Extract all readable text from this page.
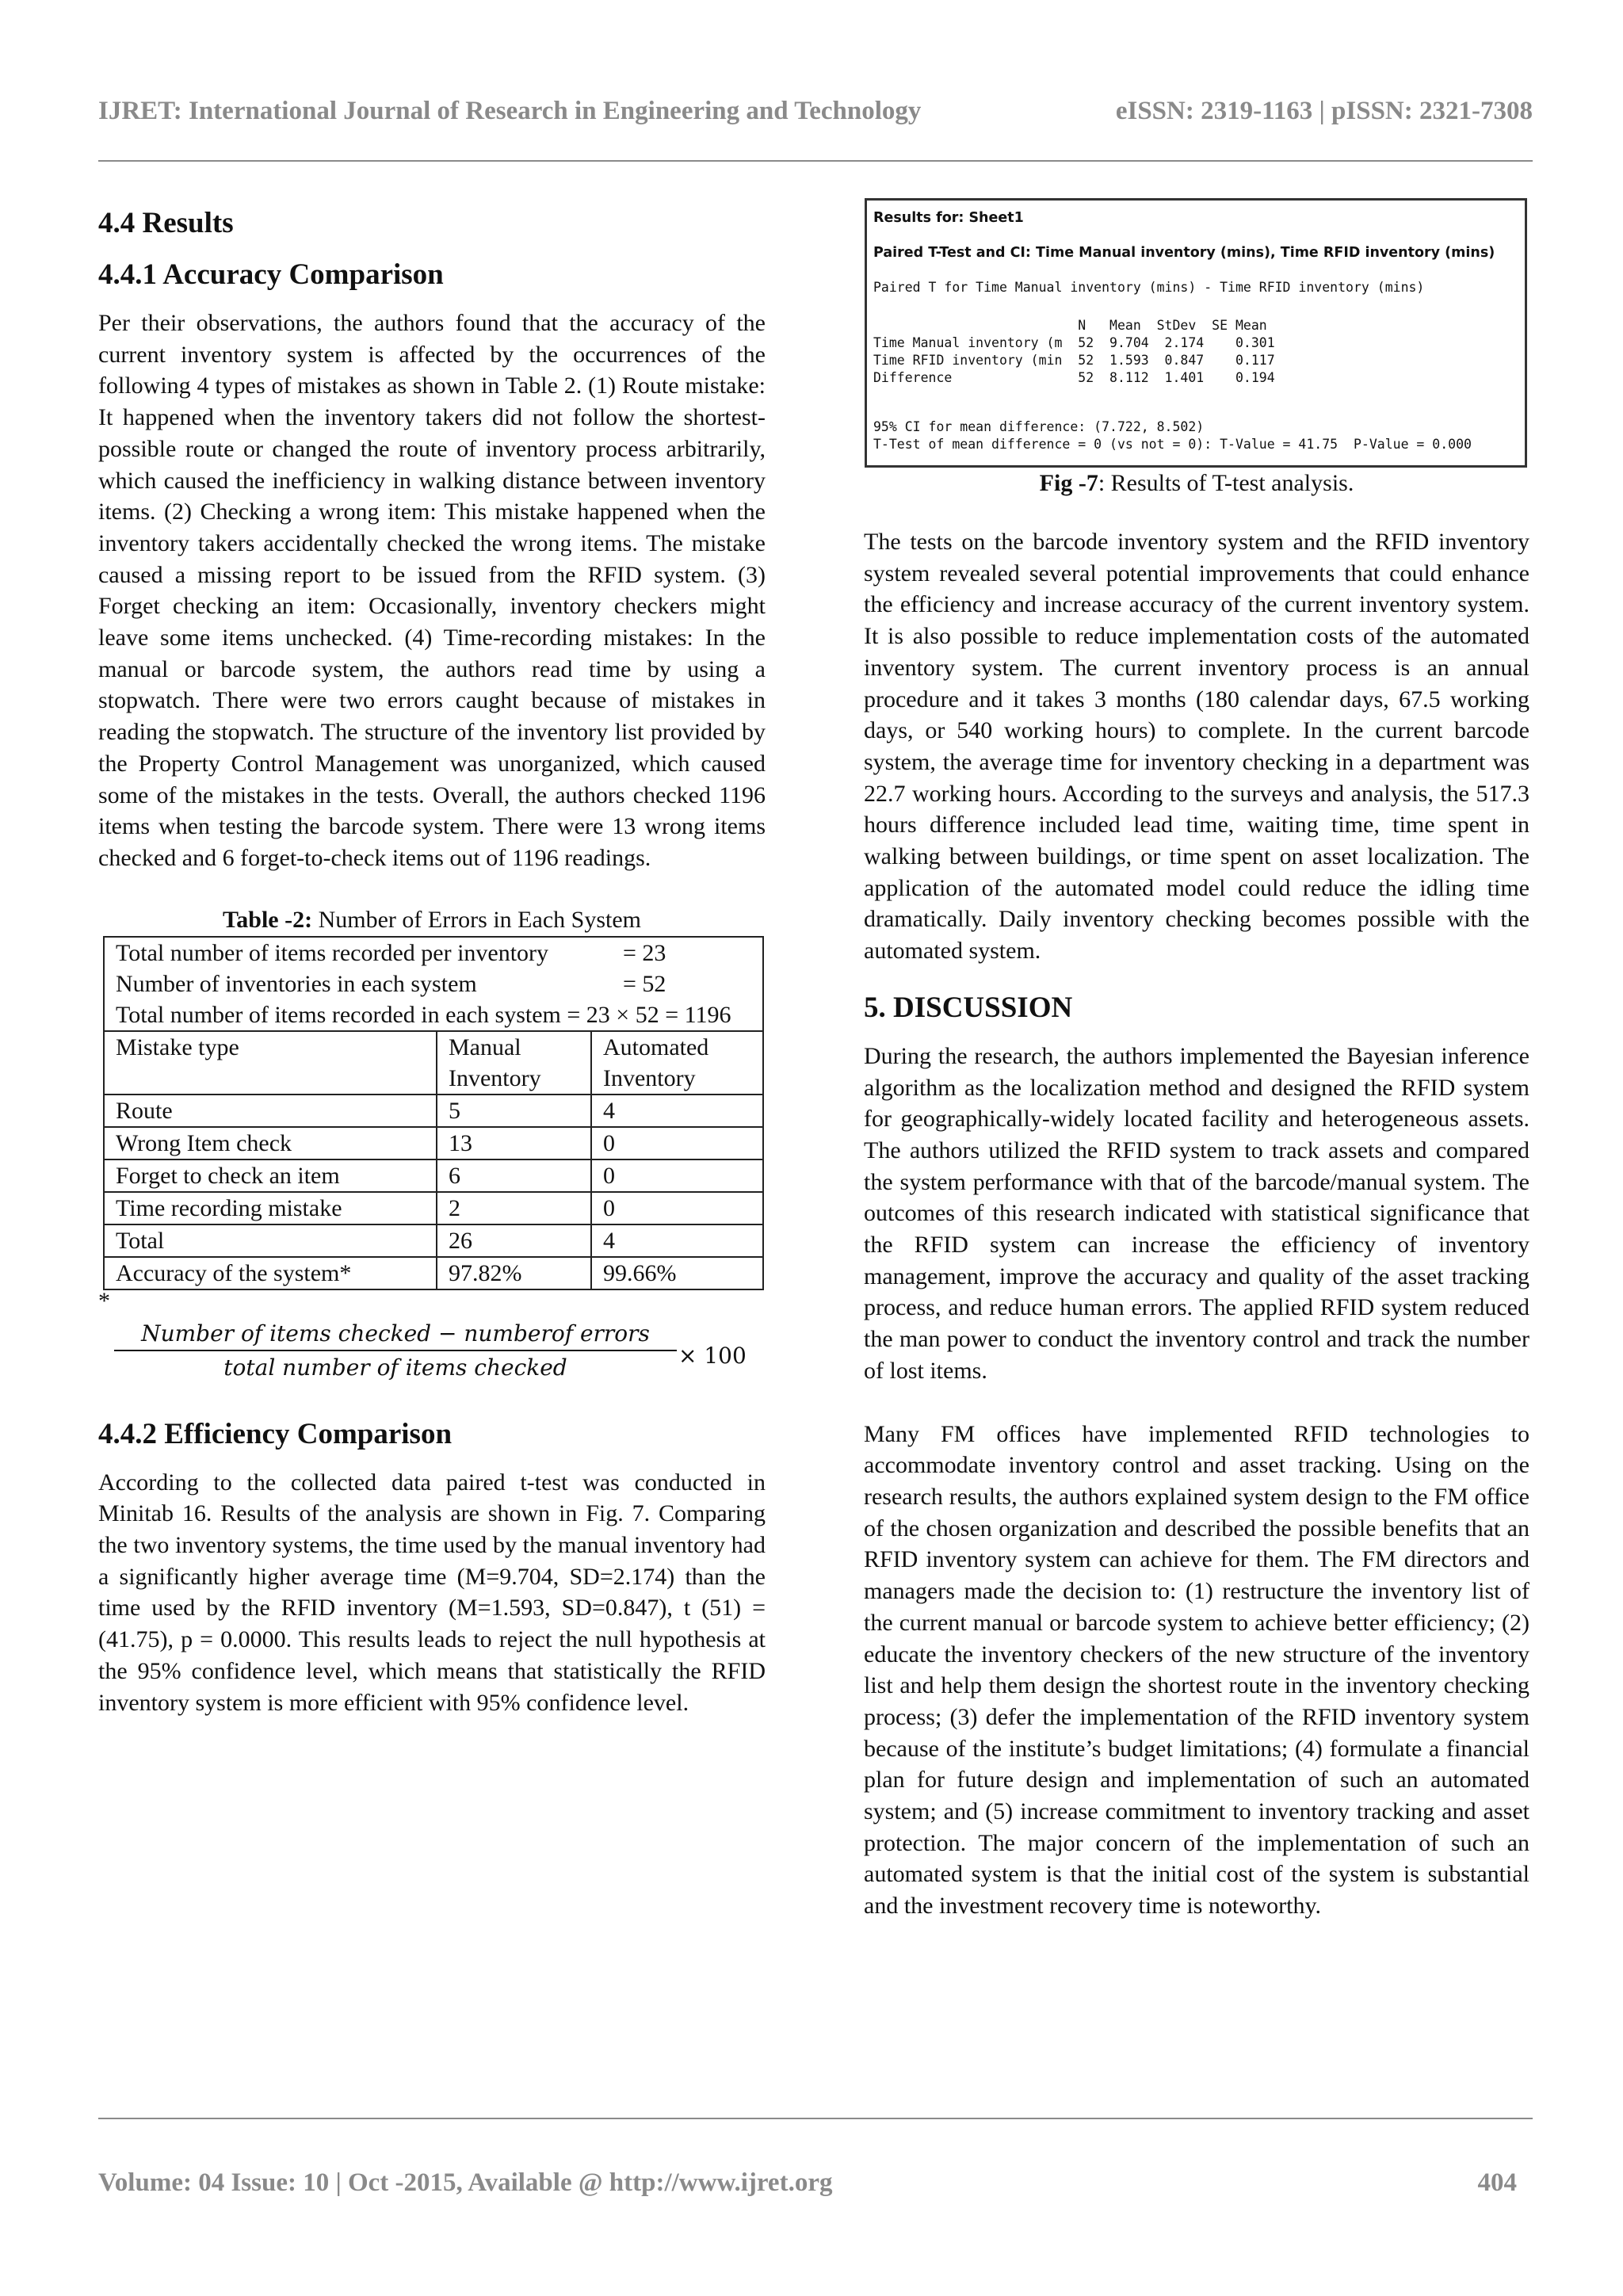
IJRET: International Journal of Research in Engineering and Technology	eISSN: 2319-1163 | pISSN: 2321-7308
4.4 Results
4.4.1 Accuracy Comparison

Per their observations, the authors found that the accuracy of the current inventory system is affected by the occurrences of the following 4 types of mistakes as shown in Table 2. (1) Route mistake: It happened when the inventory takers did not follow the shortest-possible route or changed the route of inventory process arbitrarily, which caused the inefficiency in walking distance between inventory items. (2) Checking a wrong item: This mistake happened when the inventory takers accidentally checked the wrong items. The mistake caused a missing report to be issued from the RFID system. (3) Forget checking an item: Occasionally, inventory checkers might leave some items unchecked. (4) Time-recording mistakes: In the manual or barcode system, the authors read time by using a stopwatch. There were two errors caught because of mistakes in reading the stopwatch. The structure of the inventory list provided by the Property Control Management was unorganized, which caused some of the mistakes in the tests. Overall, the authors checked 1196 items when testing the barcode system. There were 13 wrong items checked and 6 forget-to-check items out of 1196 readings.

Table -2: Number of Errors in Each System
Total number of items recorded per inventory = 23
Number of inventories in each system = 52
Total number of items recorded in each system = 23 × 52 = 1196		

Mistake type	Manual Inventory	Automated Inventory
Route	5	4
Wrong Item check	13	0
Forget to check an item	6	0
Time recording mistake	2	0
Total	26	4
Accuracy of the system*	97.82%	99.66%
*
Number of items checked − numberof errors
total number of items checked	× 100
4.4.2 Efficiency Comparison

According to the collected data paired t-test was conducted in Minitab 16. Results of the analysis are shown in Fig. 7. Comparing the two inventory systems, the time used by the manual inventory had a significantly higher average time (M=9.704, SD=2.174) than the time used by the RFID inventory (M=1.593, SD=0.847), t (51) = (41.75), p = 0.0000. This results leads to reject the null hypothesis at the 95% confidence level, which means that statistically the RFID inventory system is more efficient with 95% confidence level.

Results for: Sheet1
Paired T-Test and CI: Time Manual inventory (mins), Time RFID inventory (mins)
Paired T for Time Manual inventory (mins) - Time RFID inventory (mins)
N   Mean  StDev  SE Mean
Time Manual inventory (m  52  9.704  2.174    0.301
Time RFID inventory (min  52  1.593  0.847    0.117
Difference                52  8.112  1.401    0.194
95% CI for mean difference: (7.722, 8.502)
T-Test of mean difference = 0 (vs not = 0): T-Value = 41.75  P-Value = 0.000
Fig -7: Results of T-test analysis.

The tests on the barcode inventory system and the RFID inventory system revealed several potential improvements that could enhance the efficiency and increase accuracy of the current inventory system. It is also possible to reduce implementation costs of the automated inventory system. The current inventory process is an annual procedure and it takes 3 months (180 calendar days, 67.5 working days, or 540 working hours) to complete. In the current barcode system, the average time for inventory checking in a department was 22.7 working hours. According to the surveys and analysis, the 517.3 hours difference included lead time, waiting time, time spent in walking between buildings, or time spent on asset localization. The application of the automated model could reduce the idling time dramatically. Daily inventory checking becomes possible with the automated system.

5. DISCUSSION

During the research, the authors implemented the Bayesian inference algorithm as the localization method and designed the RFID system for geographically-widely located facility and heterogeneous assets. The authors utilized the RFID system to track assets and compared the system performance with that of the barcode/manual system. The outcomes of this research indicated with statistical significance that the RFID system can increase the efficiency of inventory management, improve the accuracy and quality of the asset tracking process, and reduce human errors. The applied RFID system reduced the man power to conduct the inventory control and track the number of lost items.

Many FM offices have implemented RFID technologies to accommodate inventory control and asset tracking. Using on the research results, the authors explained system design to the FM office of the chosen organization and described the possible benefits that an RFID inventory system can achieve for them. The FM directors and managers made the decision to: (1) restructure the inventory list of the current manual or barcode system to achieve better efficiency; (2) educate the inventory checkers of the new structure of the inventory list and help them design the shortest route in the inventory checking process; (3) defer the implementation of the RFID inventory system because of the institute’s budget limitations; (4) formulate a financial plan for future design and implementation of such an automated system; and (5) increase commitment to inventory tracking and asset protection. The major concern of the implementation of such an automated system is that the initial cost of the system is substantial and the investment recovery time is noteworthy.

Volume: 04 Issue: 10 | Oct -2015, Available @ http://www.ijret.org	404
